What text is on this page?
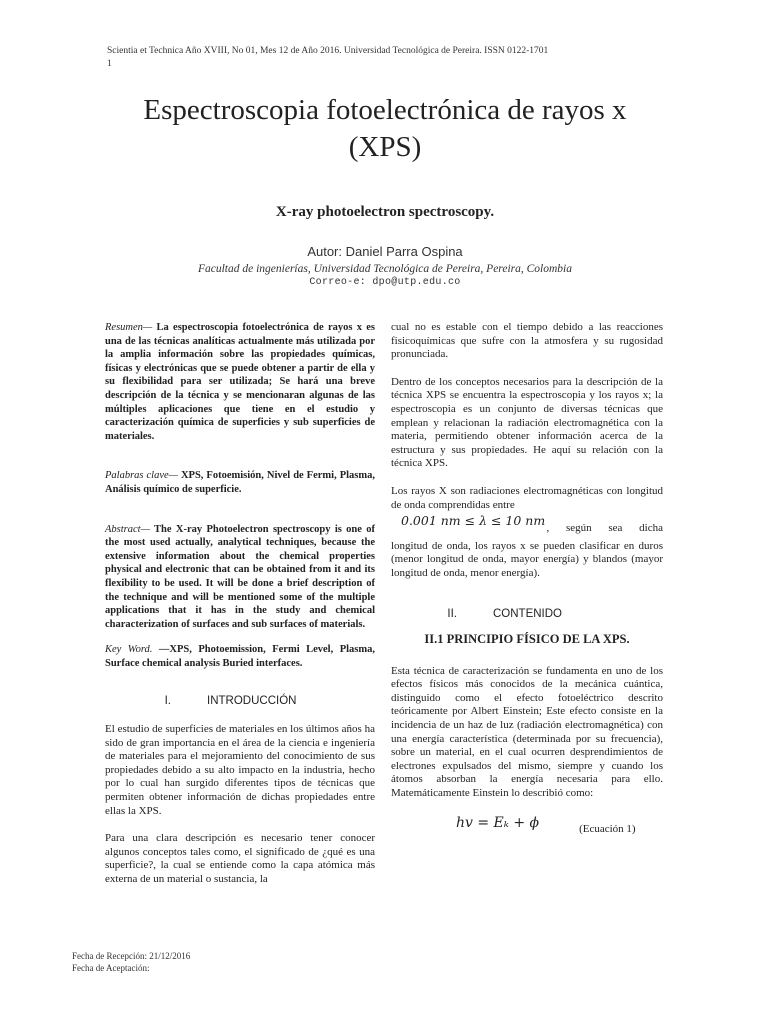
Scientia et Technica Año XVIII, No 01, Mes 12 de Año 2016. Universidad Tecnológica de Pereira. ISSN 0122-1701
1
Espectroscopia fotoelectrónica de rayos x
(XPS)
X-ray photoelectron spectroscopy.
Autor: Daniel Parra Ospina
Facultad de ingenierías, Universidad Tecnológica de Pereira, Pereira, Colombia
Correo-e: dpo@utp.edu.co

Resumen— La espectroscopia fotoelectrónica de rayos x es una de las técnicas analíticas actualmente más utilizada por la amplia información sobre las propiedades químicas, físicas y electrónicas que se puede obtener a partir de ella y su flexibilidad para ser utilizada; Se hará una breve descripción de la técnica y se mencionaran algunas de las múltiples aplicaciones que tiene en el estudio y caracterización química de superficies y sub superficies de materiales.

Palabras clave— XPS, Fotoemisión, Nivel de Fermi, Plasma, Análisis químico de superficie.

Abstract— The X-ray Photoelectron spectroscopy is one of the most used actually, analytical techniques, because the extensive information about the chemical properties physical and electronic that can be obtained from it and its flexibility to be used. It will be done a brief description of the technique and will be mentioned some of the multiple applications that it has in the study and chemical characterization of surfaces and sub surfaces of materials.

Key Word. —XPS, Photoemission, Fermi Level, Plasma, Surface chemical analysis Buried interfaces.

I.	INTRODUCCIÓN

El estudio de superficies de materiales en los últimos años ha sido de gran importancia en el área de la ciencia e ingeniería de materiales para el mejoramiento del conocimiento de sus propiedades debido a su alto impacto en la industria, hecho por lo cual han surgido diferentes tipos de técnicas que permiten obtener información de dichas propiedades entre ellas la XPS.

Para una clara descripción es necesario tener conocer algunos conceptos tales como, el significado de ¿qué es una superficie?, la cual se entiende como la capa atómica más externa de un material o sustancia, la

cual no es estable con el tiempo debido a las reacciones fisicoquímicas que sufre con la atmosfera y su rugosidad pronunciada.

Dentro de los conceptos necesarios para la descripción de la técnica XPS se encuentra la espectroscopia y los rayos x; la espectroscopia es un conjunto de diversas técnicas que emplean y relacionan la radiación electromagnética con la materia, permitiendo obtener información acerca de la estructura y sus propiedades. He aquí su relación con la técnica XPS.

Los rayos X son radiaciones electromagnéticas con longitud de onda comprendidas entre

0.001 nm ≤ λ ≤ 10 nm , según sea dicha

longitud de onda, los rayos x se pueden clasificar en duros (menor longitud de onda, mayor energía) y blandos (mayor longitud de onda, menor energía).

II.	CONTENIDO

II.1 PRINCIPIO FÍSICO DE LA XPS.

Esta técnica de caracterización se fundamenta en uno de los efectos físicos más conocidos de la mecánica cuántica, distinguido como el efecto fotoeléctrico descrito teóricamente por Albert Einstein; Este efecto consiste en la incidencia de un haz de luz (radiación electromagnética) con una energía característica (determinada por su frecuencia), sobre un material, en el cual ocurren desprendimientos de electrones expulsados del mismo, siempre y cuando los átomos absorban la energía necesaria para ello. Matemáticamente Einstein lo describió como:

hv = Eₖ + ϕ	(Ecuación 1)
Fecha de Recepción: 21/12/2016
Fecha de Aceptación:
